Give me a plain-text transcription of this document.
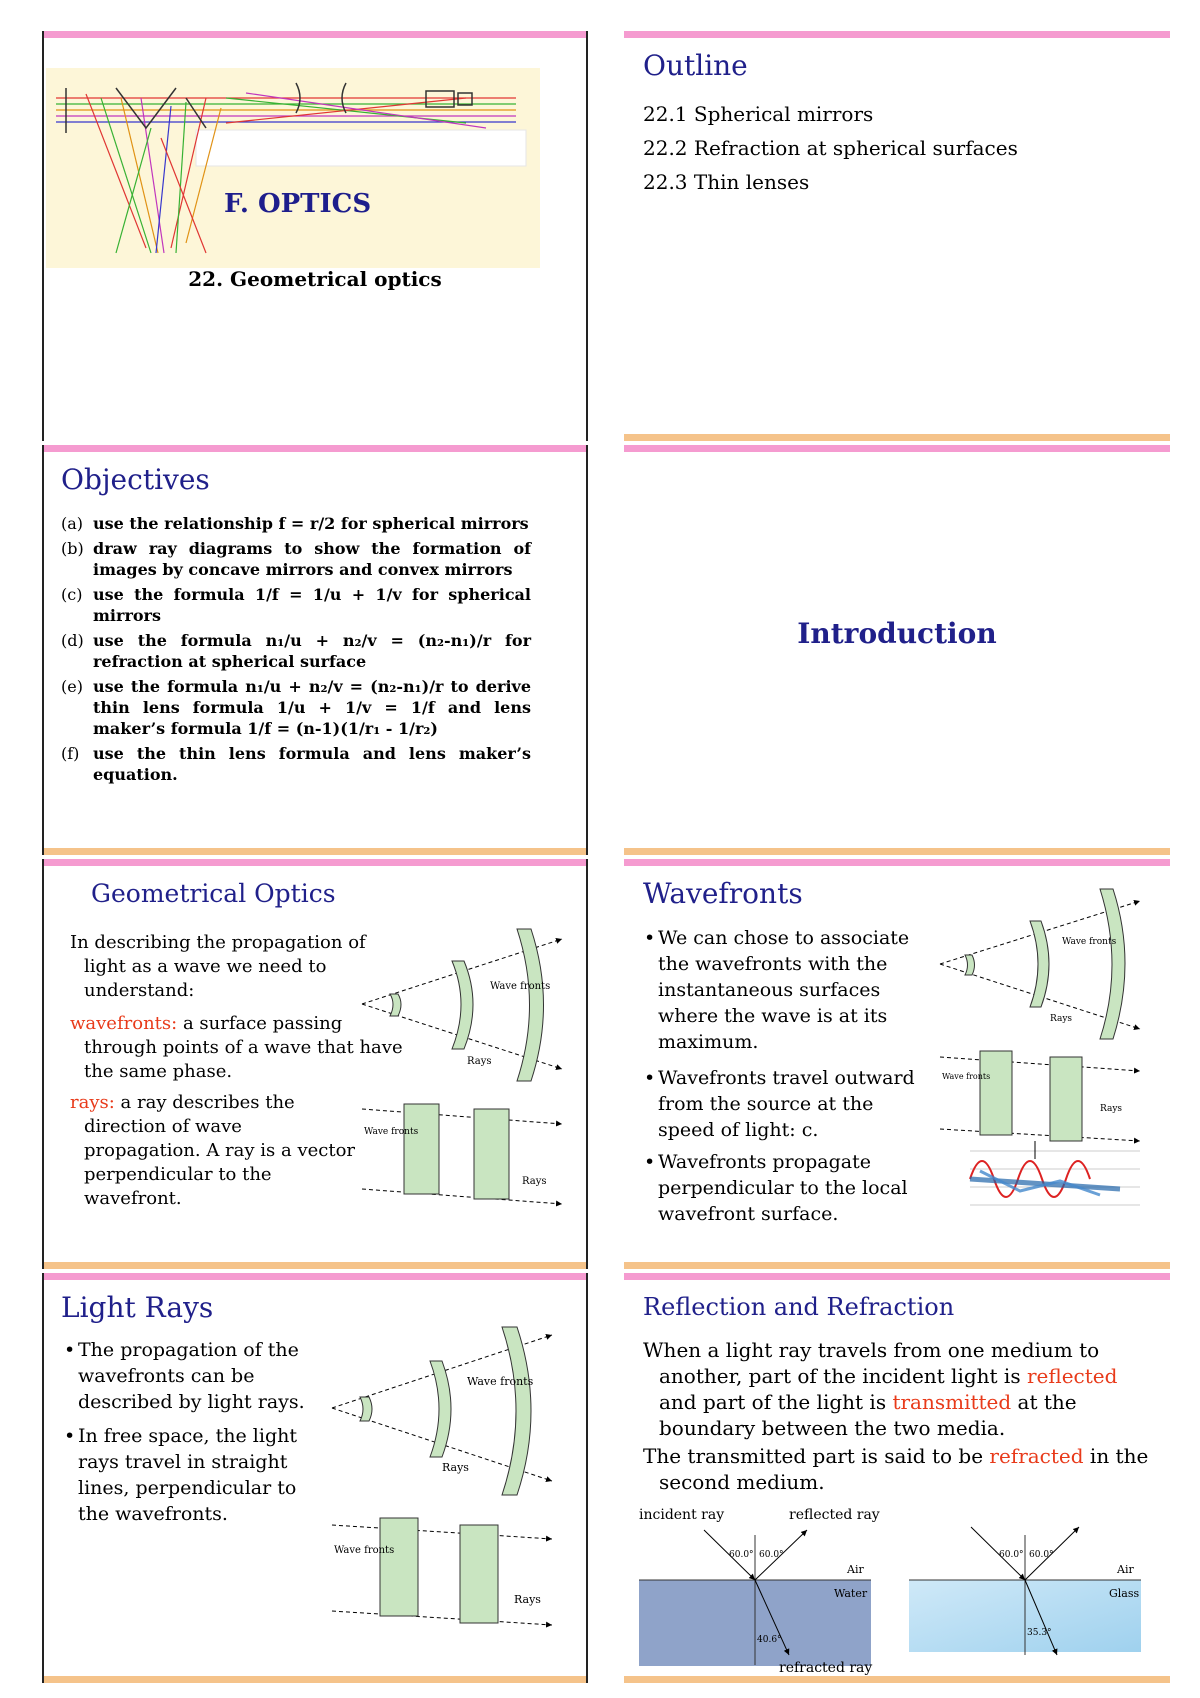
F. OPTICS
22. Geometrical optics
Outline
22.1 Spherical mirrors
22.2 Refraction at spherical surfaces
22.3 Thin lenses
Objectives
(a) use the relationship f = r/2 for spherical mirrors
(b) draw ray diagrams to show the formation of images by concave mirrors and convex mirrors
(c) use the formula 1/f = 1/u + 1/v for spherical mirrors
(d) use the formula n₁/u + n₂/v = (n₂-n₁)/r for refraction at spherical surface
(e) use the formula n₁/u + n₂/v = (n₂-n₁)/r to derive thin lens formula 1/u + 1/v = 1/f and lens maker’s formula 1/f = (n-1)(1/r₁ - 1/r₂)
(f) use the thin lens formula and lens maker’s equation.
Introduction
Geometrical Optics
In describing the propagation of light as a wave we need to understand:
wavefronts: a surface passing through points of a wave that have the same phase.
rays: a ray describes the direction of wave propagation. A ray is a vector perpendicular to the wavefront.
Wave fronts
Rays
Wave fronts
Rays
Wavefronts
• We can chose to associate the wavefronts with the instantaneous surfaces where the wave is at its maximum.
• Wavefronts travel outward from the source at the speed of light: c.
• Wavefronts propagate perpendicular to the local wavefront surface.
Wave fronts
Rays
Wave fronts
Rays
Light Rays
• The propagation of the wavefronts can be described by light rays.
• In free space, the light rays travel in straight lines, perpendicular to the wavefronts.
Wave fronts
Rays
Wave fronts
Rays
Reflection and Refraction
When a light ray travels from one medium to another, part of the incident light is reflected and part of the light is transmitted at the boundary between the two media.
The transmitted part is said to be refracted in the second medium.
incident ray	reflected ray
refracted ray
60.0° 60.0°
40.6°
Air
Water
60.0° 60.0°
35.3°
Air
Glass
